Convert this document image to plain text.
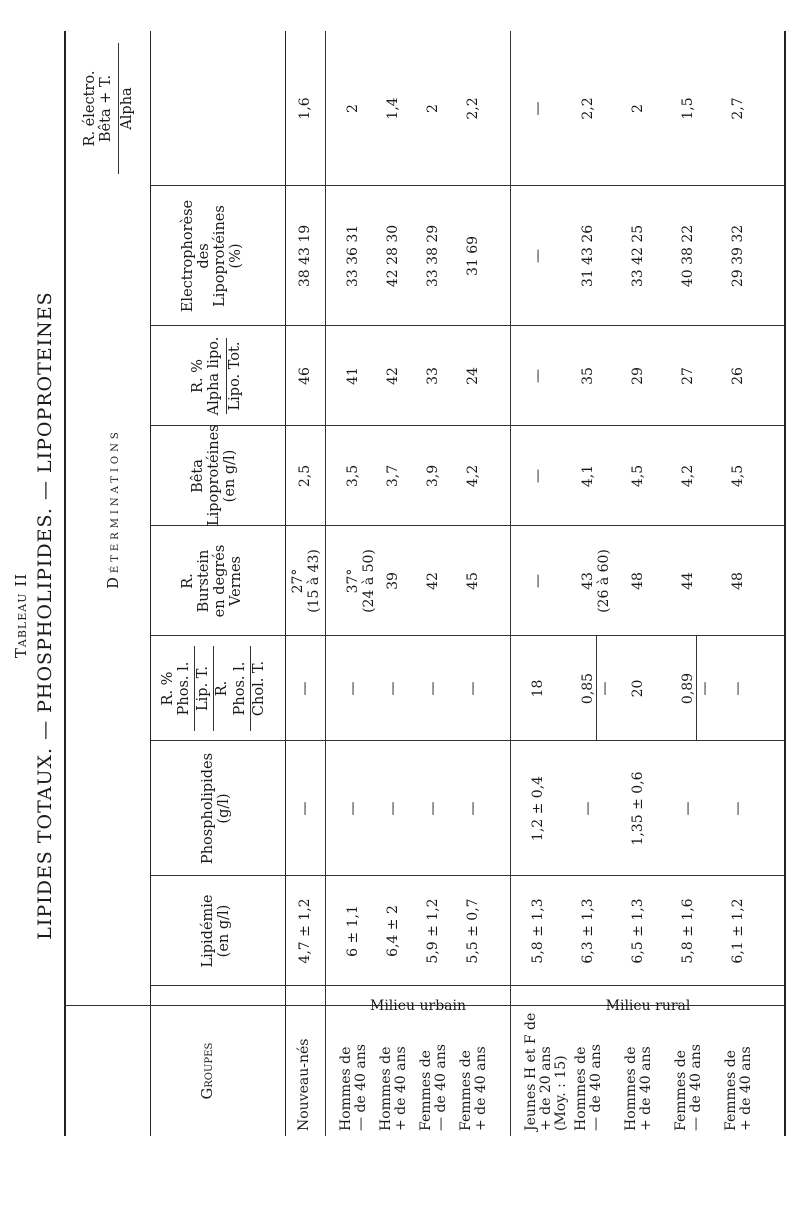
Tableau II LIPIDES TOTAUX. — PHOSPHOLIPIDES. — LIPOPROTEINES
Groupes
Déterminations
Lipidémie (en g/l)
Phospholipides (g/l)
R. % Phos. l. Lip. T. R. Phos. l. Chol. T.
R. Burstein en degrés Vernes
Bêta Lipoprotéines (en g/l)
R. % Alpha lipo. Lipo. Tot.
Electrophorèse des Lipoprotéines (%)
R. électro. Bêta + T. Alpha
Nouveau-nés
4,7 ± 1,2
—
—
27° (15 à 43)
2,5
46
38 43 19
1,6
Milieu urbain	Milieu rural
Hommes de — de 40 ans
6 ± 1,1
—
—
37° (24 à 50)
3,5
41
33 36 31
2
Hommes de + de 40 ans
6,4 ± 2
—
—
39
3,7
42
42 28 30
1,4
Femmes de — de 40 ans
5,9 ± 1,2
—
—
42
3,9
33
33 38 29
2
Femmes de + de 40 ans
5,5 ± 0,7
—
—
45
4,2
24
31 69
2,2
Jeunes H et F de + de 20 ans (Moy. : 15)
5,8 ± 1,3
1,2 ± 0,4
18
—
—
—
—
—
Hommes de — de 40 ans
6,3 ± 1,3
—
0,85 —
43 (26 à 60)
4,1
35
31 43 26
2,2
Hommes de + de 40 ans
6,5 ± 1,3
1,35 ± 0,6
20
48
4,5
29
33 42 25
2
Femmes de — de 40 ans
5,8 ± 1,6
—
0,89 —
44
4,2
27
40 38 22
1,5
Femmes de + de 40 ans
6,1 ± 1,2
—
—
48
4,5
26
29 39 32
2,7
